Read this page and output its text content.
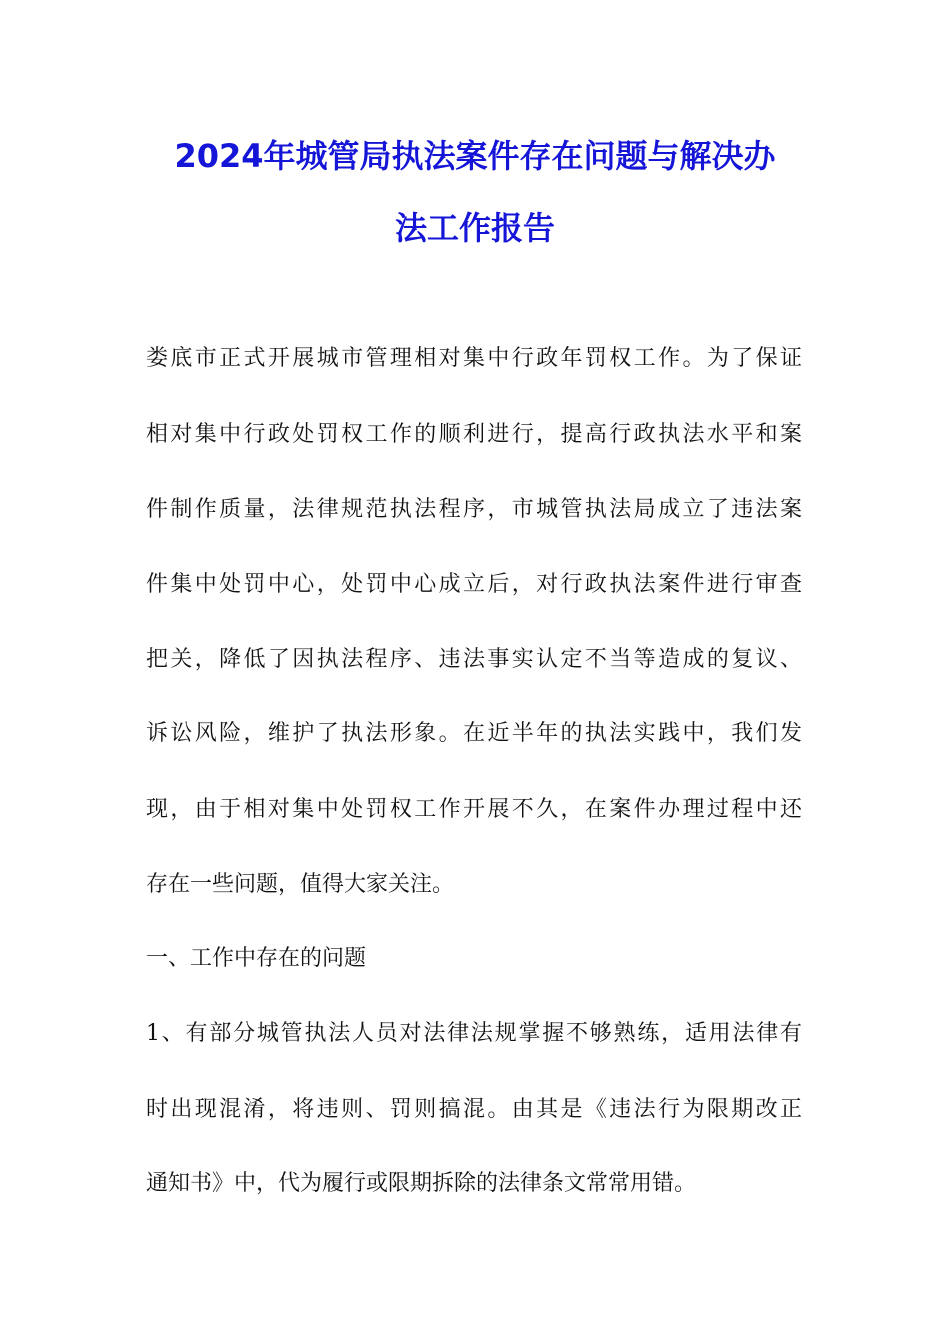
2024年城管局执法案件存在问题与解决办
法工作报告
娄底市正式开展城市管理相对集中行政年罚权工作。为了保证
相对集中行政处罚权工作的顺利进行，提高行政执法水平和案
件制作质量，法律规范执法程序，市城管执法局成立了违法案
件集中处罚中心，处罚中心成立后，对行政执法案件进行审查
把关，降低了因执法程序、违法事实认定不当等造成的复议、
诉讼风险，维护了执法形象。在近半年的执法实践中，我们发
现，由于相对集中处罚权工作开展不久，在案件办理过程中还
存在一些问题，值得大家关注。
一、工作中存在的问题
1、有部分城管执法人员对法律法规掌握不够熟练，适用法律有
时出现混淆，将违则、罚则搞混。由其是《违法行为限期改正
通知书》中，代为履行或限期拆除的法律条文常常用错。
